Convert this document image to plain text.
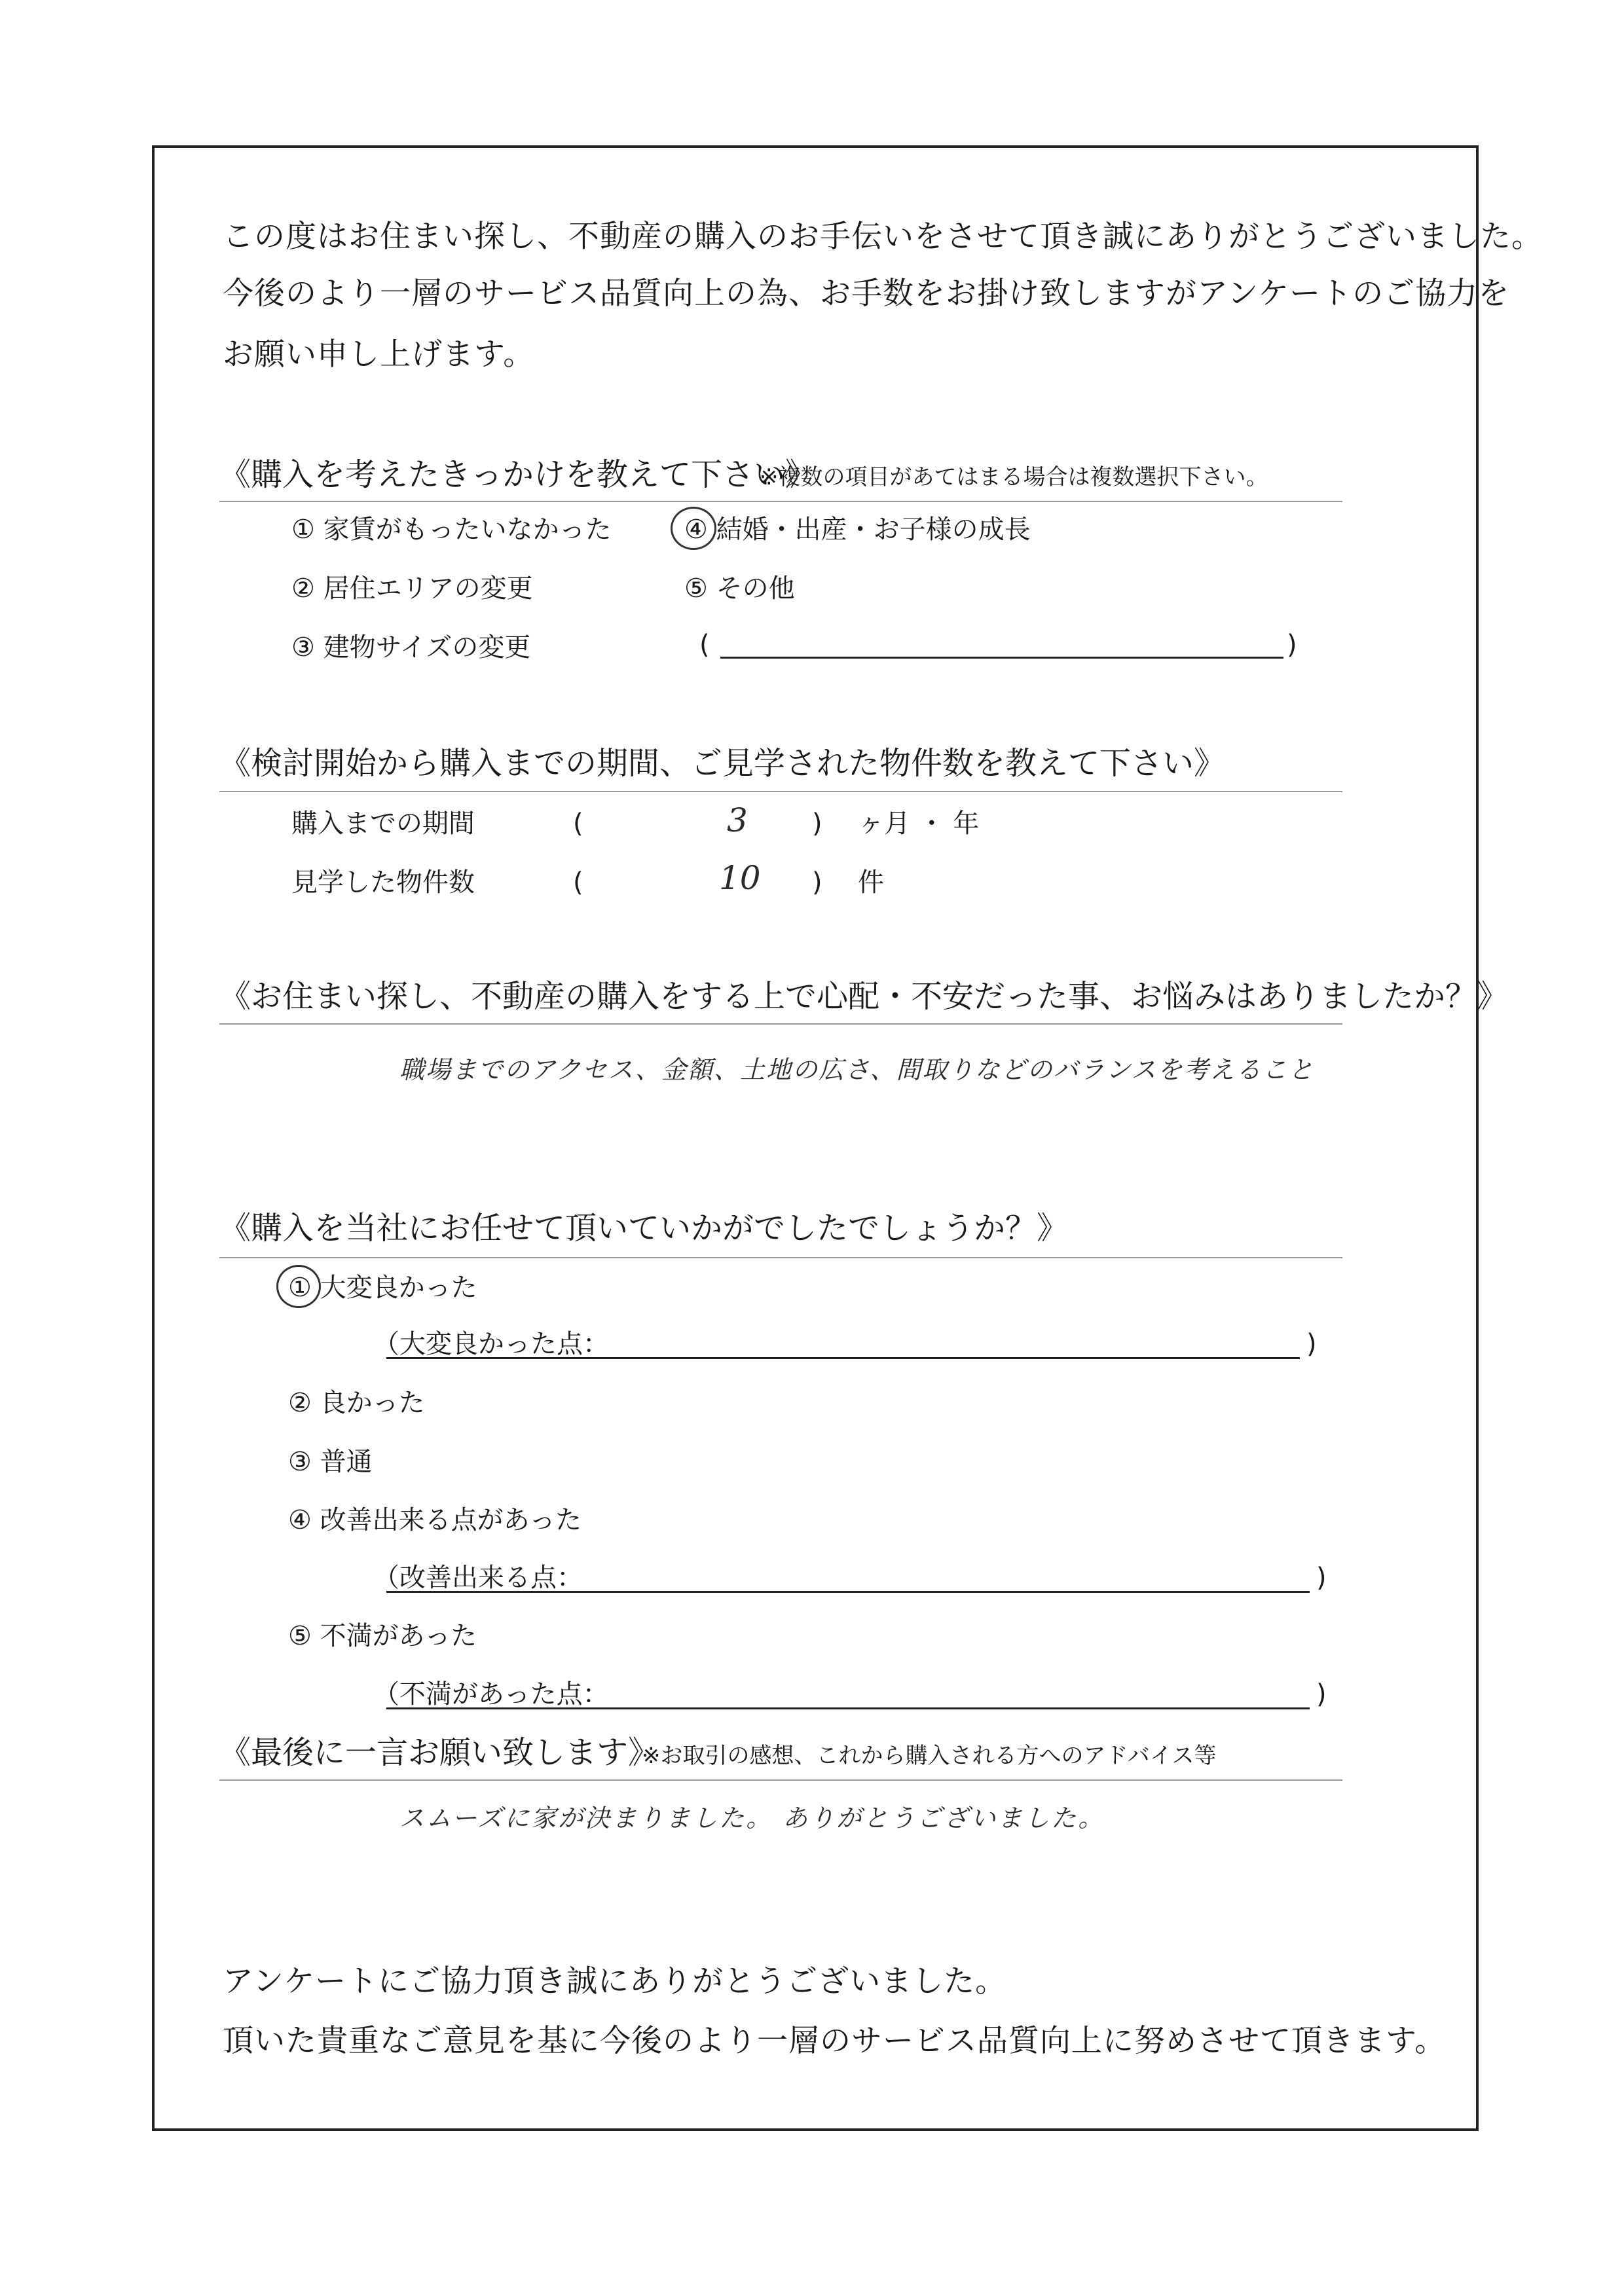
この度はお住まい探し、不動産の購入のお手伝いをさせて頂き誠にありがとうございました。
今後のより一層のサービス品質向上の為、お手数をお掛け致しますがアンケートのご協力を
お願い申し上げます。
《購入を考えたきっかけを教えて下さい》
※複数の項目があてはまる場合は複数選択下さい。
① 家賃がもったいなかった
② 居住エリアの変更
③ 建物サイズの変更
④ 結婚・出産・お子様の成長
⑤ その他
(	)
《検討開始から購入までの期間、ご見学された物件数を教えて下さい》
購入までの期間	(	3 ) ヶ月 ・ 年
見学した物件数	(	10 ) 件
《お住まい探し、不動産の購入をする上で心配・不安だった事、お悩みはありましたか？》
職場までのアクセス、金額、土地の広さ、間取りなどのバランスを考えること
《購入を当社にお任せて頂いていかがでしたでしょうか？》
① 大変良かった
（大変良かった点：	)
② 良かった
③ 普通
④ 改善出来る点があった
（改善出来る点：	)
⑤ 不満があった
（不満があった点：	)
《最後に一言お願い致します》
※お取引の感想、これから購入される方へのアドバイス等
スムーズに家が決まりました。 ありがとうございました。
アンケートにご協力頂き誠にありがとうございました。
頂いた貴重なご意見を基に今後のより一層のサービス品質向上に努めさせて頂きます。
